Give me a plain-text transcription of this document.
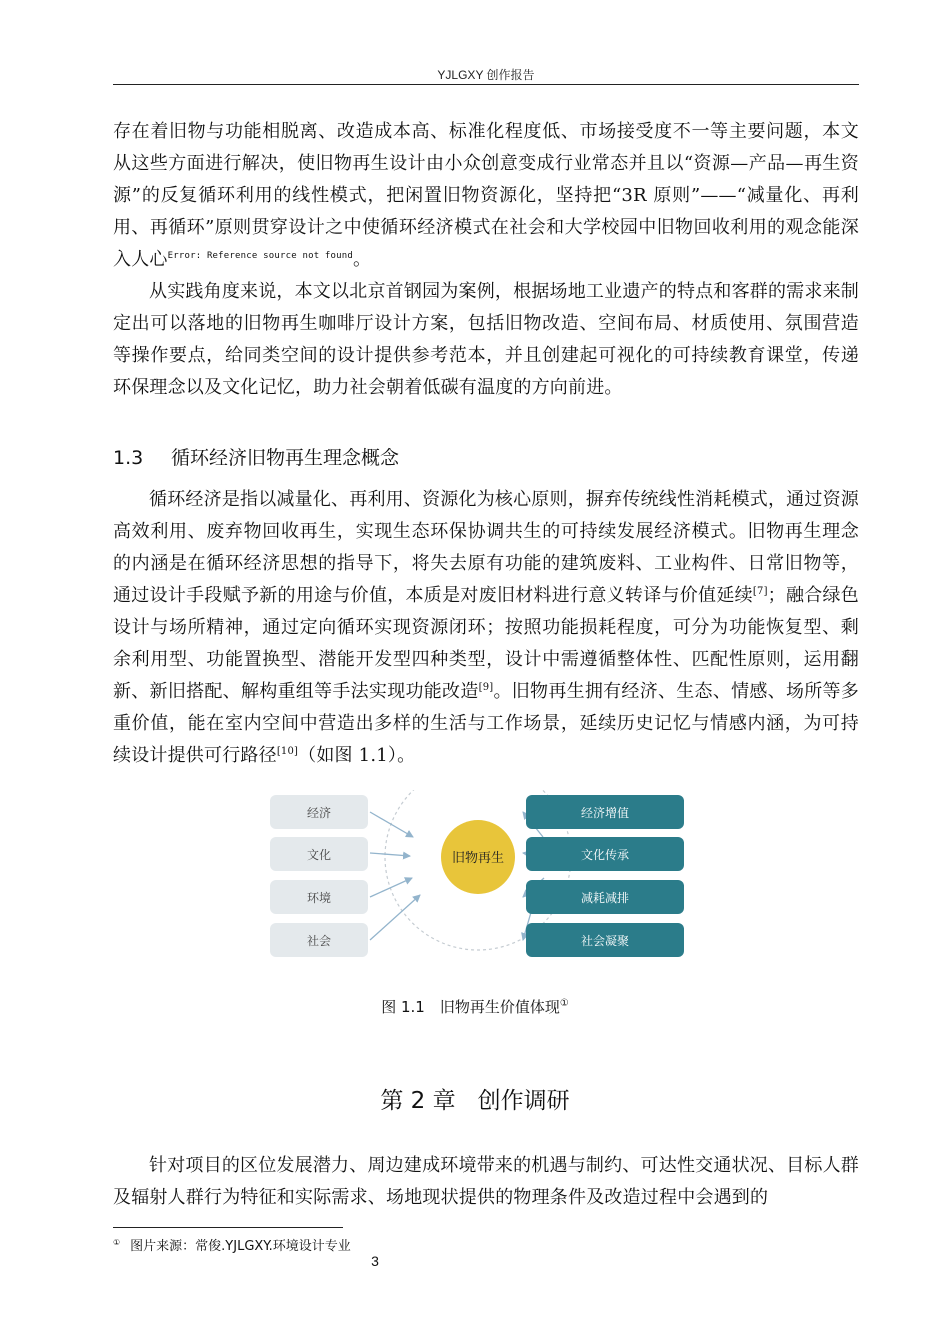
YJLGXY 创作报告

存在着旧物与功能相脱离、改造成本高、标准化程度低、市场接受度不一等主要问题，本文从这些方面进行解决，使旧物再生设计由小众创意变成行业常态并且以“资源—产品—再生资源”的反复循环利用的线性模式，把闲置旧物资源化，坚持把“3R 原则”——“减量化、再利用、再循环”原则贯穿设计之中使循环经济模式在社会和大学校园中旧物回收利用的观念能深入人心$^{Error: Reference source not found}$。

从实践角度来说，本文以北京首钢园为案例，根据场地工业遗产的特点和客群的需求来制定出可以落地的旧物再生咖啡厅设计方案，包括旧物改造、空间布局、材质使用、氛围营造等操作要点，给同类空间的设计提供参考范本，并且创建起可视化的可持续教育课堂，传递环保理念以及文化记忆，助力社会朝着低碳有温度的方向前进。

1.3 循环经济旧物再生理念概念

循环经济是指以减量化、再利用、资源化为核心原则，摒弃传统线性消耗模式，通过资源高效利用、废弃物回收再生，实现生态环保协调共生的可持续发展经济模式。旧物再生理念的内涵是在循环经济思想的指导下，将失去原有功能的建筑废料、工业构件、日常旧物等，通过设计手段赋予新的用途与价值，本质是对废旧材料进行意义转译与价值延续[7]；融合绿色设计与场所精神，通过定向循环实现资源闭环；按照功能损耗程度，可分为功能恢复型、剩余利用型、功能置换型、潜能开发型四种类型，设计中需遵循整体性、匹配性原则，运用翻新、新旧搭配、解构重组等手法实现功能改造[9]。旧物再生拥有经济、生态、情感、场所等多重价值，能在室内空间中营造出多样的生活与工作场景，延续历史记忆与情感内涵，为可持续设计提供可行路径[10]（如图 1.1）。

旧物再生
经济
文化
环境
社会
经济增值
文化传承
减耗减排
社会凝聚
图 1.1　旧物再生价值体现①
第 2 章 创作调研

针对项目的区位发展潜力、周边建成环境带来的机遇与制约、可达性交通状况、目标人群及辐射人群行为特征和实际需求、场地现状提供的物理条件及改造过程中会遇到的

① 图片来源：常俊.YJLGXY.环境设计专业
3
